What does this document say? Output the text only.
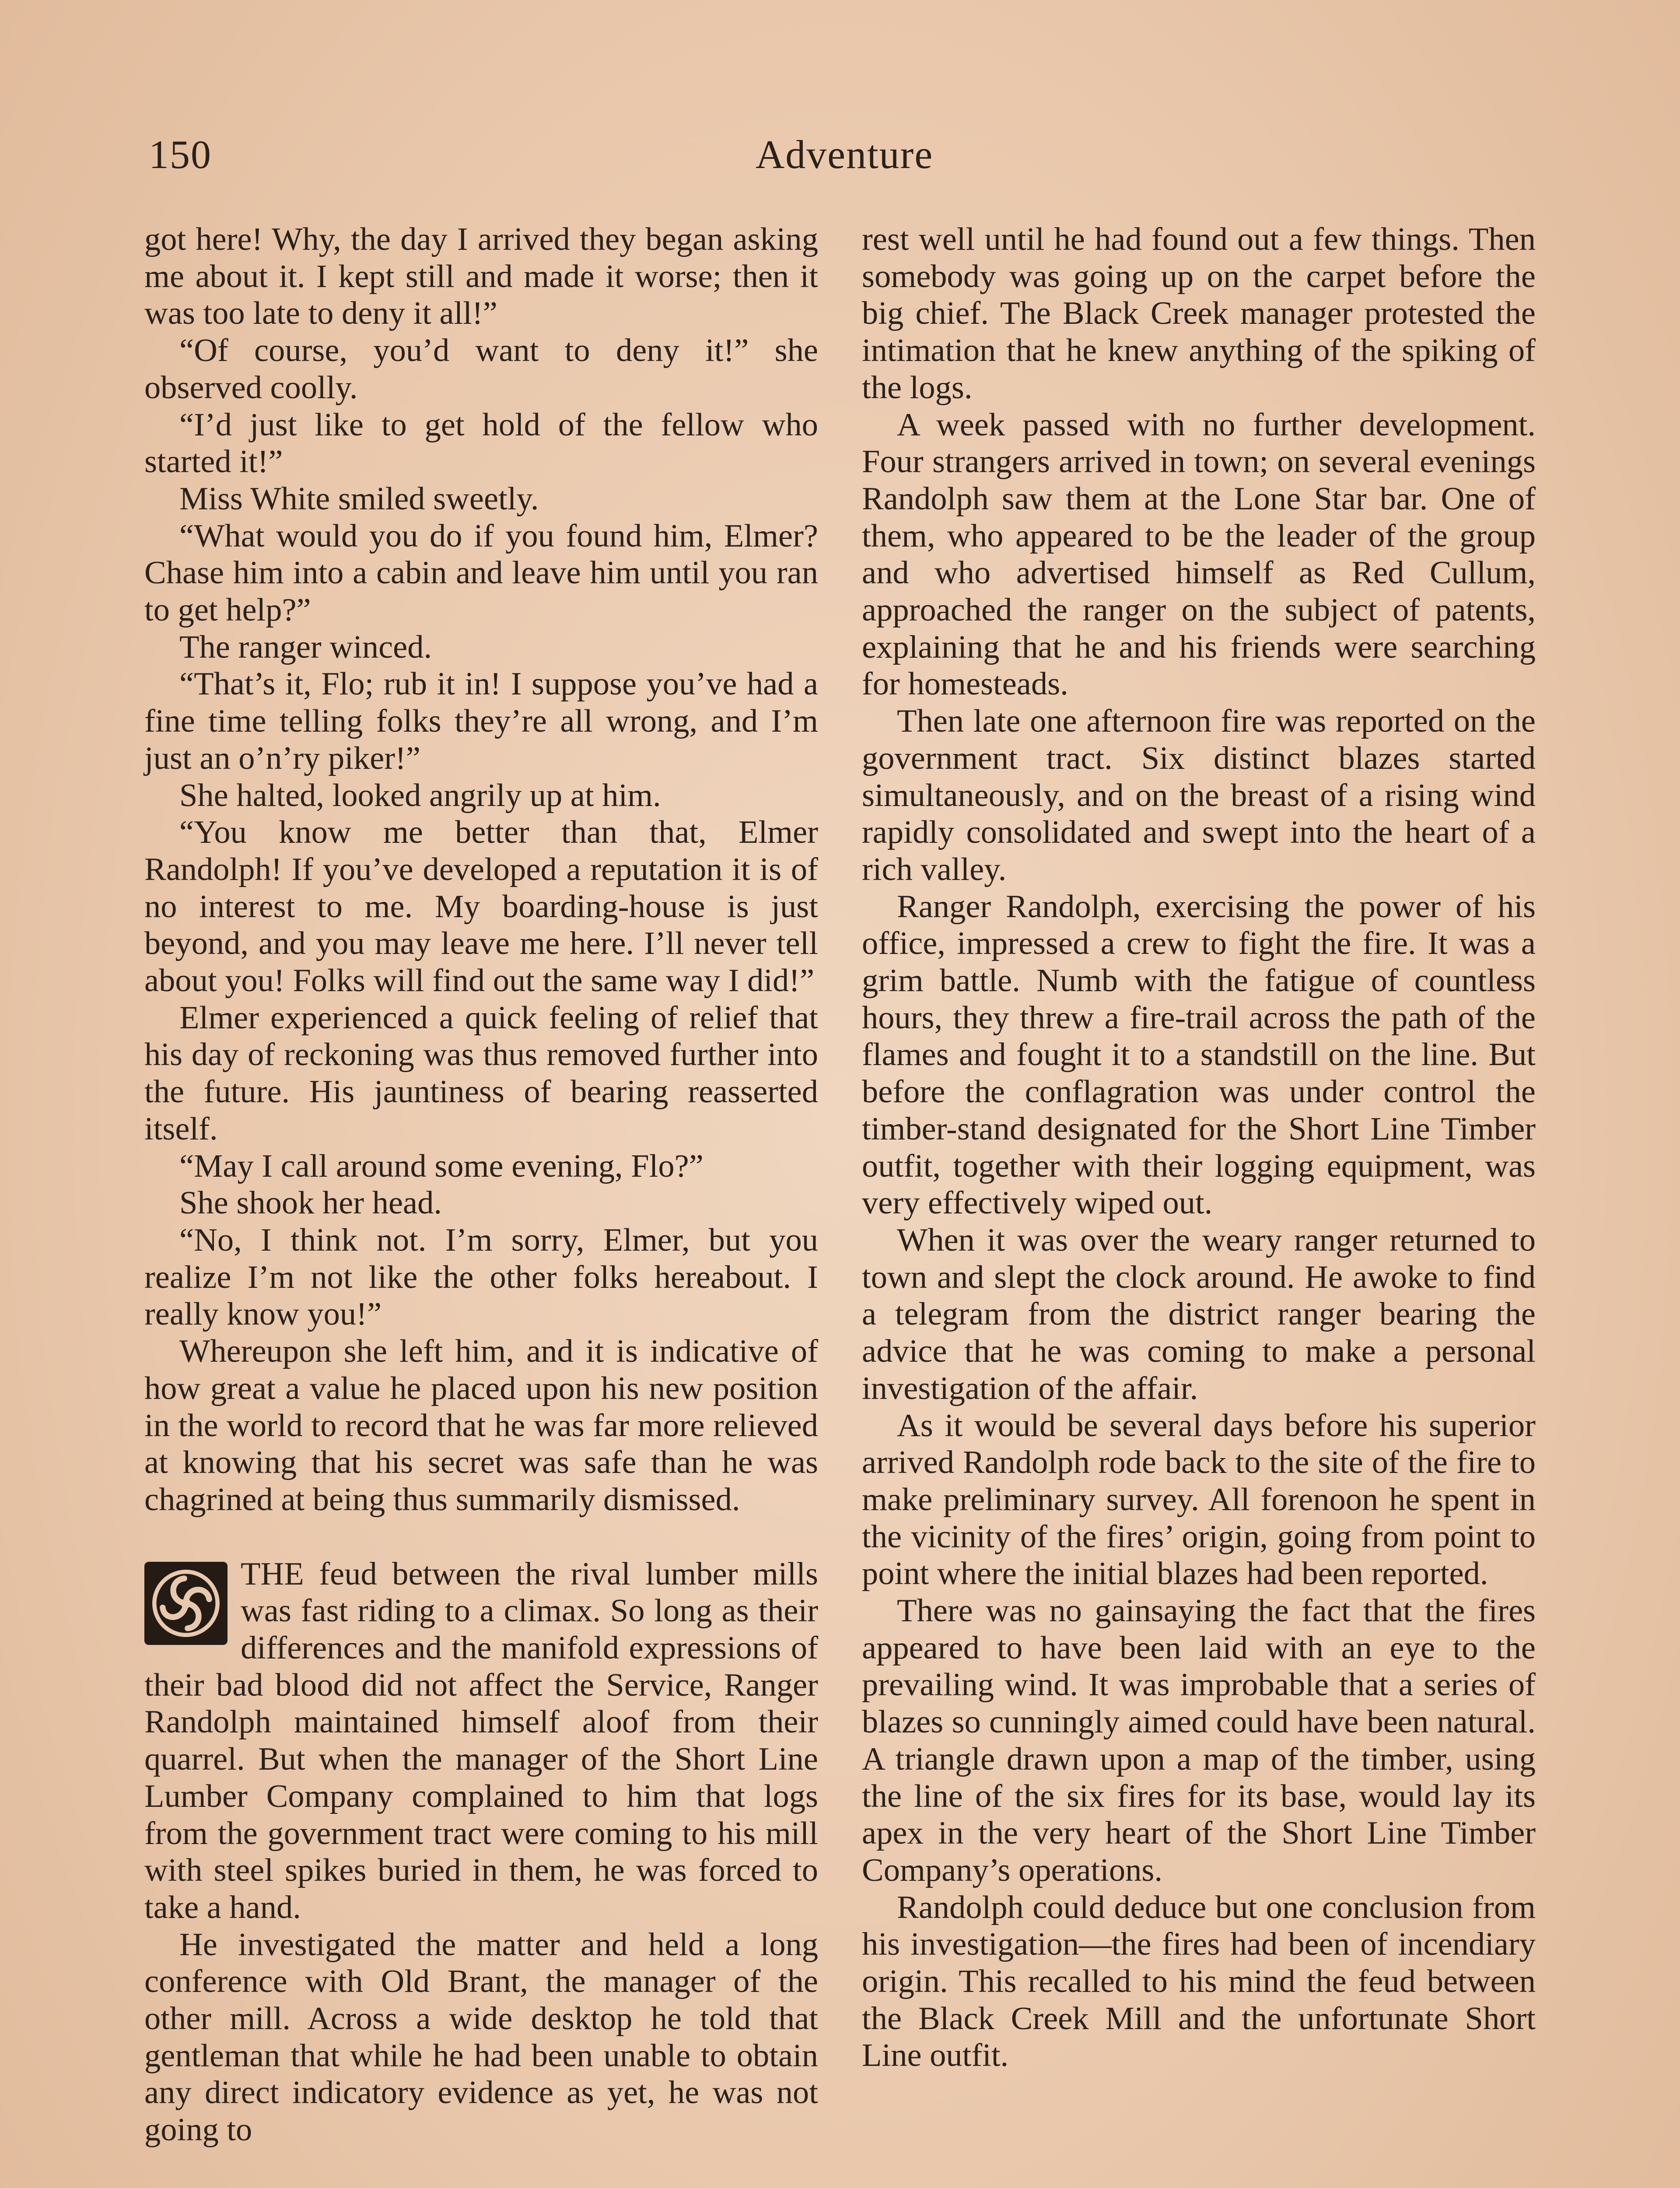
150	Adventure

got here! Why, the day I arrived they began asking me about it. I kept still and made it worse; then it was too late to deny it all!”

“Of course, you’d want to deny it!” she observed coolly.

“I’d just like to get hold of the fellow who started it!”

Miss White smiled sweetly.

“What would you do if you found him, Elmer? Chase him into a cabin and leave him until you ran to get help?”

The ranger winced.

“That’s it, Flo; rub it in! I suppose you’ve had a fine time telling folks they’re all wrong, and I’m just an o’n’ry piker!”

She halted, looked angrily up at him.

“You know me better than that, Elmer Randolph! If you’ve developed a reputation it is of no interest to me. My boarding-house is just beyond, and you may leave me here. I’ll never tell about you! Folks will find out the same way I did!”

Elmer experienced a quick feeling of relief that his day of reckoning was thus removed further into the future. His jauntiness of bearing reasserted itself.

“May I call around some evening, Flo?”

She shook her head.

“No, I think not. I’m sorry, Elmer, but you realize I’m not like the other folks hereabout. I really know you!”

Whereupon she left him, and it is indicative of how great a value he placed upon his new position in the world to record that he was far more relieved at knowing that his secret was safe than he was chagrined at being thus summarily dismissed.

THE feud between the rival lumber mills was fast riding to a climax. So long as their differences and the manifold expressions of their bad blood did not affect the Service, Ranger Randolph maintained himself aloof from their quarrel. But when the manager of the Short Line Lumber Company complained to him that logs from the government tract were coming to his mill with steel spikes buried in them, he was forced to take a hand.

He investigated the matter and held a long conference with Old Brant, the manager of the other mill. Across a wide desktop he told that gentleman that while he had been unable to obtain any direct indicatory evidence as yet, he was not going to

rest well until he had found out a few things. Then somebody was going up on the carpet before the big chief. The Black Creek manager protested the intimation that he knew anything of the spiking of the logs.

A week passed with no further development. Four strangers arrived in town; on several evenings Randolph saw them at the Lone Star bar. One of them, who appeared to be the leader of the group and who advertised himself as Red Cullum, approached the ranger on the subject of patents, explaining that he and his friends were searching for homesteads.

Then late one afternoon fire was reported on the government tract. Six distinct blazes started simultaneously, and on the breast of a rising wind rapidly consolidated and swept into the heart of a rich valley.

Ranger Randolph, exercising the power of his office, impressed a crew to fight the fire. It was a grim battle. Numb with the fatigue of countless hours, they threw a fire-trail across the path of the flames and fought it to a standstill on the line. But before the conflagration was under control the timber-stand designated for the Short Line Timber outfit, together with their logging equipment, was very effectively wiped out.

When it was over the weary ranger returned to town and slept the clock around. He awoke to find a telegram from the district ranger bearing the advice that he was coming to make a personal investigation of the affair.

As it would be several days before his superior arrived Randolph rode back to the site of the fire to make preliminary survey. All forenoon he spent in the vicinity of the fires’ origin, going from point to point where the initial blazes had been reported.

There was no gainsaying the fact that the fires appeared to have been laid with an eye to the prevailing wind. It was improbable that a series of blazes so cunningly aimed could have been natural. A triangle drawn upon a map of the timber, using the line of the six fires for its base, would lay its apex in the very heart of the Short Line Timber Company’s operations.

Randolph could deduce but one conclusion from his investigation—the fires had been of incendiary origin. This recalled to his mind the feud between the Black Creek Mill and the unfortunate Short Line outfit.
